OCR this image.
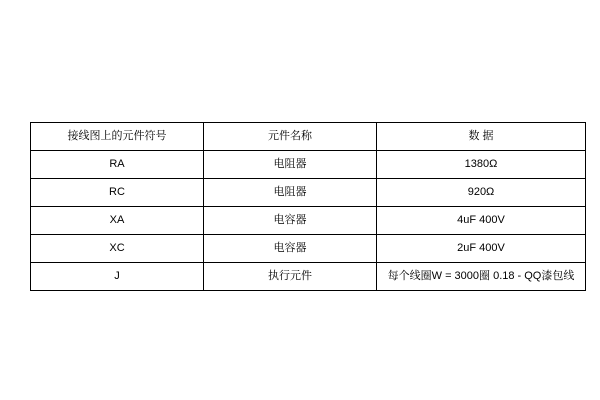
接线图上的元件符号	元件名称	数 据
RA	电阻器	1380Ω
RC	电阻器	920Ω
XA	电容器	4uF 400V
XC	电容器	2uF 400V
J	执行元件	每个线圈W = 3000圈 0.18 - QQ漆包线
